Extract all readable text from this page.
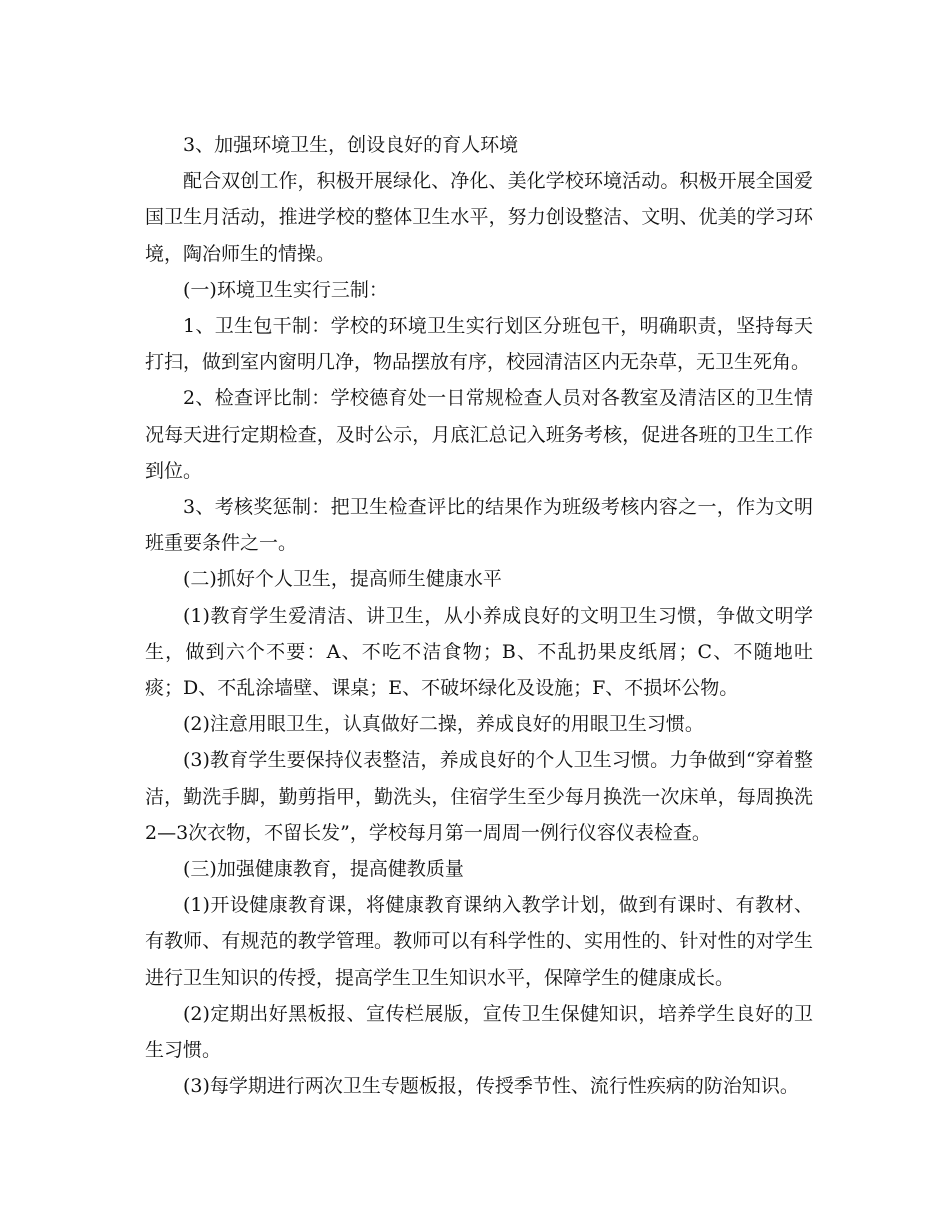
3、加强环境卫生，创设良好的育人环境

配合双创工作，积极开展绿化、净化、美化学校环境活动。积极开展全国爱国卫生月活动，推进学校的整体卫生水平，努力创设整洁、文明、优美的学习环境，陶冶师生的情操。

(一)环境卫生实行三制：

1、卫生包干制：学校的环境卫生实行划区分班包干，明确职责，坚持每天打扫，做到室内窗明几净，物品摆放有序，校园清洁区内无杂草，无卫生死角。

2、检查评比制：学校德育处一日常规检查人员对各教室及清洁区的卫生情况每天进行定期检查，及时公示，月底汇总记入班务考核，促进各班的卫生工作到位。

3、考核奖惩制：把卫生检查评比的结果作为班级考核内容之一，作为文明班重要条件之一。

(二)抓好个人卫生，提高师生健康水平

(1)教育学生爱清洁、讲卫生，从小养成良好的文明卫生习惯，争做文明学生，做到六个不要：A、不吃不洁食物；B、不乱扔果皮纸屑；C、不随地吐痰；D、不乱涂墙壁、课桌；E、不破坏绿化及设施；F、不损坏公物。

(2)注意用眼卫生，认真做好二操，养成良好的用眼卫生习惯。

(3)教育学生要保持仪表整洁，养成良好的个人卫生习惯。力争做到“穿着整洁，勤洗手脚，勤剪指甲，勤洗头，住宿学生至少每月换洗一次床单，每周换洗2—3次衣物，不留长发”，学校每月第一周周一例行仪容仪表检查。

(三)加强健康教育，提高健教质量

(1)开设健康教育课，将健康教育课纳入教学计划，做到有课时、有教材、有教师、有规范的教学管理。教师可以有科学性的、实用性的、针对性的对学生进行卫生知识的传授，提高学生卫生知识水平，保障学生的健康成长。

(2)定期出好黑板报、宣传栏展版，宣传卫生保健知识，培养学生良好的卫生习惯。

(3)每学期进行两次卫生专题板报，传授季节性、流行性疾病的防治知识。
